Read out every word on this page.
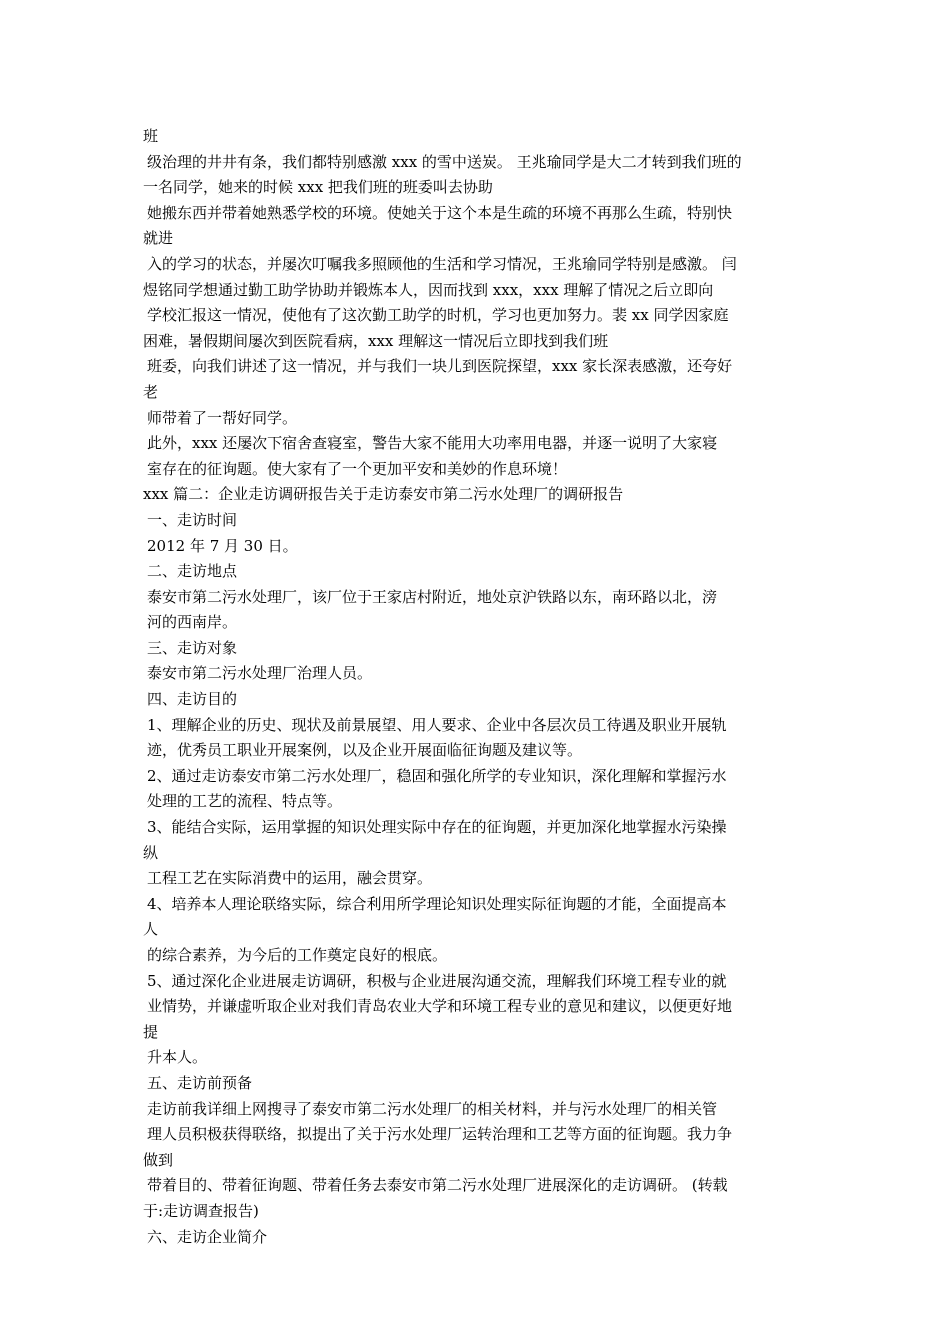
班
级治理的井井有条，我们都特别感激 xxx 的雪中送炭。 王兆瑜同学是大二才转到我们班的
一名同学，她来的时候 xxx 把我们班的班委叫去协助
她搬东西并带着她熟悉学校的环境。使她关于这个本是生疏的环境不再那么生疏，特别快
就进
入的学习的状态，并屡次叮嘱我多照顾他的生活和学习情况，王兆瑜同学特别是感激。 闫
煜铭同学想通过勤工助学协助并锻炼本人，因而找到 xxx，xxx 理解了情况之后立即向
学校汇报这一情况，使他有了这次勤工助学的时机，学习也更加努力。裴 xx 同学因家庭
困难，暑假期间屡次到医院看病，xxx 理解这一情况后立即找到我们班
班委，向我们讲述了这一情况，并与我们一块儿到医院探望，xxx 家长深表感激，还夸好
老
师带着了一帮好同学。
此外，xxx 还屡次下宿舍查寝室，警告大家不能用大功率用电器，并逐一说明了大家寝
室存在的征询题。使大家有了一个更加平安和美妙的作息环境！
xxx 篇二：企业走访调研报告关于走访泰安市第二污水处理厂的调研报告
一、走访时间
2012 年 7 月 30 日。
二、走访地点
泰安市第二污水处理厂，该厂位于王家店村附近，地处京沪铁路以东，南环路以北，滂
河的西南岸。
三、走访对象
泰安市第二污水处理厂治理人员。
四、走访目的
1、理解企业的历史、现状及前景展望、用人要求、企业中各层次员工待遇及职业开展轨
迹，优秀员工职业开展案例，以及企业开展面临征询题及建议等。
2、通过走访泰安市第二污水处理厂，稳固和强化所学的专业知识，深化理解和掌握污水
处理的工艺的流程、特点等。
3、能结合实际，运用掌握的知识处理实际中存在的征询题，并更加深化地掌握水污染操
纵
工程工艺在实际消费中的运用，融会贯穿。
4、培养本人理论联络实际，综合利用所学理论知识处理实际征询题的才能，全面提高本
人
的综合素养，为今后的工作奠定良好的根底。
5、通过深化企业进展走访调研，积极与企业进展沟通交流，理解我们环境工程专业的就
业情势，并谦虚听取企业对我们青岛农业大学和环境工程专业的意见和建议，以便更好地
提
升本人。
五、走访前预备
走访前我详细上网搜寻了泰安市第二污水处理厂的相关材料，并与污水处理厂的相关管
理人员积极获得联络，拟提出了关于污水处理厂运转治理和工艺等方面的征询题。我力争
做到
带着目的、带着征询题、带着任务去泰安市第二污水处理厂进展深化的走访调研。 (转载
于:走访调查报告)
六、走访企业简介
